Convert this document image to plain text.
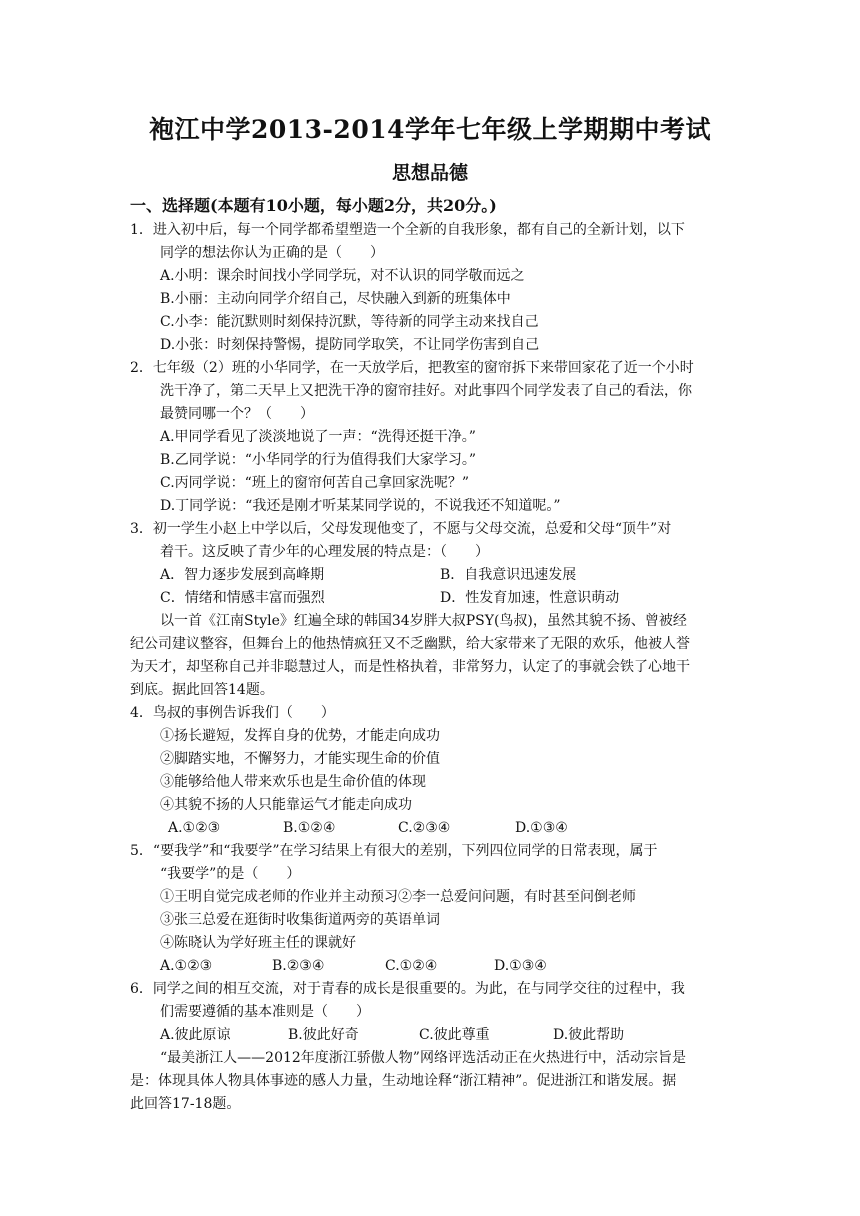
袍江中学2013-2014学年七年级上学期期中考试
思想品德
一、选择题(本题有10小题，每小题2分，共20分。)
1．进入初中后，每一个同学都希望塑造一个全新的自我形象，都有自己的全新计划，以下
同学的想法你认为正确的是（　　）
A.小明：课余时间找小学同学玩，对不认识的同学敬而远之
B.小丽：主动向同学介绍自己，尽快融入到新的班集体中
C.小李：能沉默则时刻保持沉默，等待新的同学主动来找自己
D.小张：时刻保持警惕，提防同学取笑，不让同学伤害到自己
2．七年级（2）班的小华同学，在一天放学后，把教室的窗帘拆下来带回家花了近一个小时
洗干净了，第二天早上又把洗干净的窗帘挂好。对此事四个同学发表了自己的看法，你
最赞同哪一个？（　　）
A.甲同学看见了淡淡地说了一声：“洗得还挺干净。”
B.乙同学说：“小华同学的行为值得我们大家学习。”
C.丙同学说：“班上的窗帘何苦自己拿回家洗呢？”
D.丁同学说：“我还是刚才听某某同学说的，不说我还不知道呢。”
3．初一学生小赵上中学以后，父母发现他变了，不愿与父母交流，总爱和父母“顶牛”对
着干。这反映了青少年的心理发展的特点是：（　　）
A．智力逐步发展到高峰期	B．自我意识迅速发展
C．情绪和情感丰富而强烈	D．性发育加速，性意识萌动
以一首《江南Style》红遍全球的韩国34岁胖大叔PSY(鸟叔)，虽然其貌不扬、曾被经
纪公司建议整容，但舞台上的他热情疯狂又不乏幽默，给大家带来了无限的欢乐，他被人誉
为天才，却坚称自己并非聪慧过人，而是性格执着，非常努力，认定了的事就会铁了心地干
到底。据此回答14题。
4．鸟叔的事例告诉我们（　　）
①扬长避短，发挥自身的优势，才能走向成功
②脚踏实地，不懈努力，才能实现生命的价值
③能够给他人带来欢乐也是生命价值的体现
④其貌不扬的人只能靠运气才能走向成功
A.①②③	B.①②④	C.②③④	D.①③④
5．“要我学”和“我要学”在学习结果上有很大的差别，下列四位同学的日常表现，属于
“我要学”的是（　　）
①王明自觉完成老师的作业并主动预习②李一总爱问问题，有时甚至问倒老师
③张三总爱在逛街时收集街道两旁的英语单词
④陈晓认为学好班主任的课就好
A.①②③	B.②③④	C.①②④	D.①③④
6．同学之间的相互交流，对于青春的成长是很重要的。为此，在与同学交往的过程中，我
们需要遵循的基本准则是（　　）
A.彼此原谅	B.彼此好奇	C.彼此尊重	D.彼此帮助
“最美浙江人——2012年度浙江骄傲人物”网络评选活动正在火热进行中，活动宗旨是
是：体现具体人物具体事迹的感人力量，生动地诠释“浙江精神”。促进浙江和谐发展。据
此回答17-18题。
